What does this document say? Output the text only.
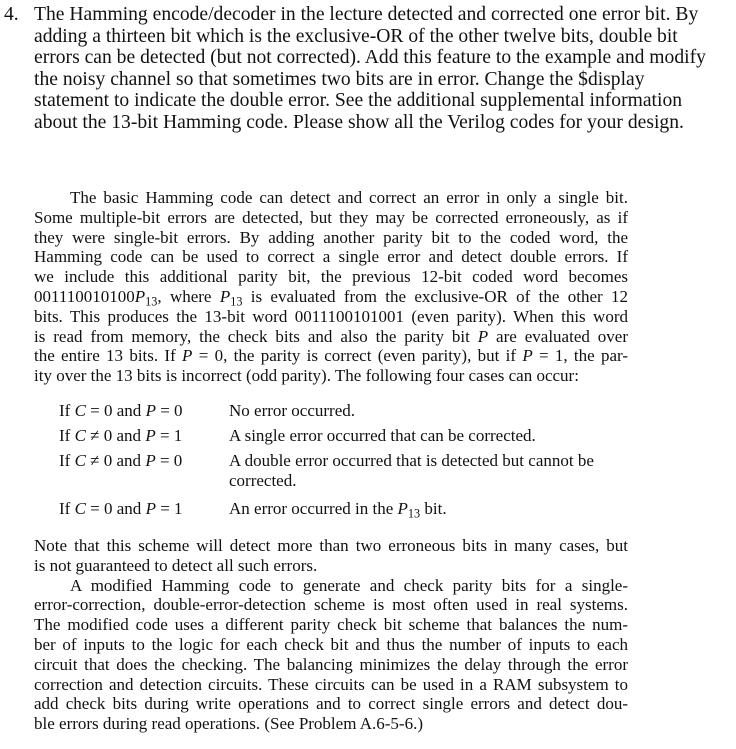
4. The Hamming encode/decoder in the lecture detected and corrected one error bit. By
adding a thirteen bit which is the exclusive-OR of the other twelve bits, double bit
errors can be detected (but not corrected). Add this feature to the example and modify
the noisy channel so that sometimes two bits are in error. Change the $display
statement to indicate the double error. See the additional supplemental information
about the 13-bit Hamming code. Please show all the Verilog codes for your design.
The basic Hamming code can detect and correct an error in only a single bit.
Some multiple-bit errors are detected, but they may be corrected erroneously, as if
they were single-bit errors. By adding another parity bit to the coded word, the
Hamming code can be used to correct a single error and detect double errors. If
we include this additional parity bit, the previous 12-bit coded word becomes
$001110010100P_{13}$, where $P_{13}$ is evaluated from the exclusive-OR of the other 12
bits. This produces the 13-bit word 0011100101001 (even parity). When this word
is read from memory, the check bits and also the parity bit P are evaluated over
the entire 13 bits. If P = 0, the parity is correct (even parity), but if P = 1, the par-
ity over the 13 bits is incorrect (odd parity). The following four cases can occur:
If C = 0 and P = 0	No error occurred.
If C ≠ 0 and P = 1	A single error occurred that can be corrected.
If C ≠ 0 and P = 0	A double error occurred that is detected but cannot be corrected.
If C = 0 and P = 1	An error occurred in the $P_{13}$ bit.
Note that this scheme will detect more than two erroneous bits in many cases, but
is not guaranteed to detect all such errors.
A modified Hamming code to generate and check parity bits for a single-
error-correction, double-error-detection scheme is most often used in real systems.
The modified code uses a different parity check bit scheme that balances the num-
ber of inputs to the logic for each check bit and thus the number of inputs to each
circuit that does the checking. The balancing minimizes the delay through the error
correction and detection circuits. These circuits can be used in a RAM subsystem to
add check bits during write operations and to correct single errors and detect dou-
ble errors during read operations. (See Problem A.6-5-6.)
